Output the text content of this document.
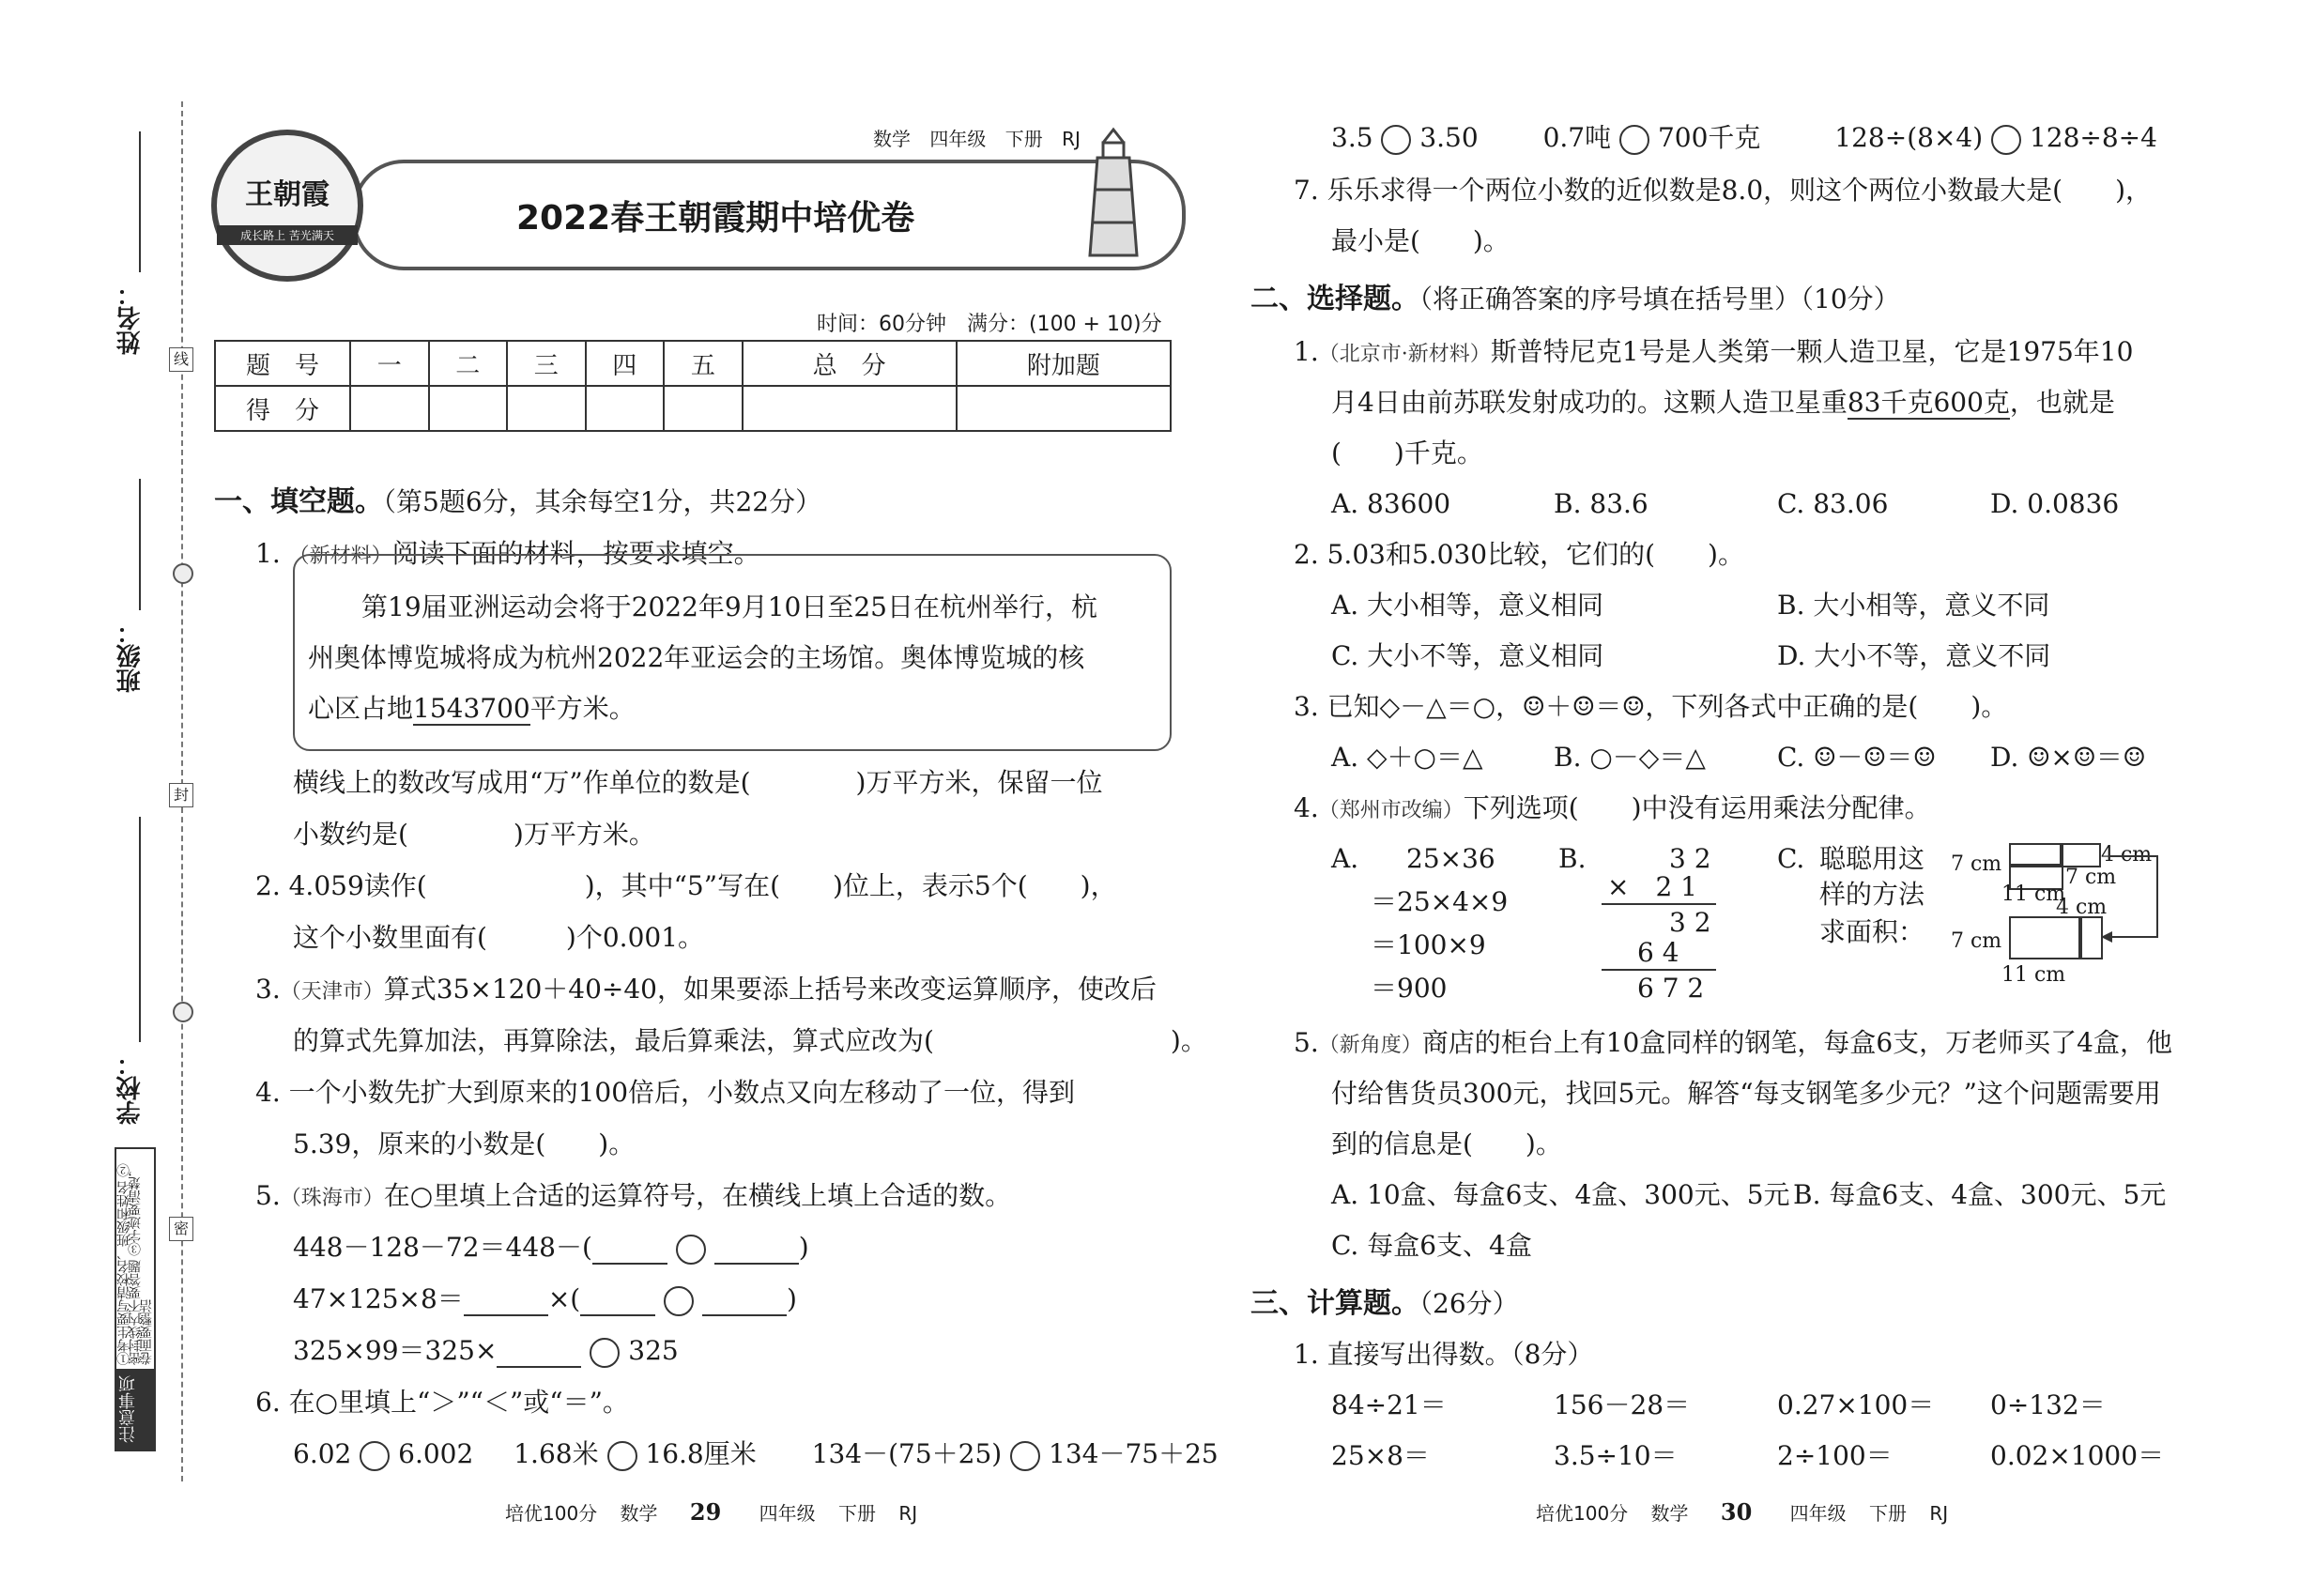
姓名：
班级：
学校：
线
封
密
①考生要写清校名、班级和姓名 ②密封线内不要答题 ③字迹要清楚，卷面要整洁
注意事项
数学 四年级 下册 RJ
2022春王朝霞期中培优卷
王朝霞
成长路上 苦光满天
时间：60分钟　满分：(100 + 10)分
题　号	一	二	三	四	五	总　分	附加题
得　分							
一、填空题。（第5题6分，其余每空1分，共22分）
1. （新材料）阅读下面的材料，按要求填空。
第19届亚洲运动会将于2022年9月10日至25日在杭州举行，杭
州奥体博览城将成为杭州2022年亚运会的主场馆。奥体博览城的核
心区占地1543700平方米。
横线上的数改写成用“万”作单位的数是(　　　　)万平方米，保留一位
小数约是(　　　　)万平方米。
2. 4.059读作(　　　　　　)，其中“5”写在(　　)位上，表示5个(　　)，
这个小数里面有(　　　)个0.001。
3.（天津市）算式35×120＋40÷40，如果要添上括号来改变运算顺序，使改后
的算式先算加法，再算除法，最后算乘法，算式应改为(　　　　　　　　　)。
4. 一个小数先扩大到原来的100倍后，小数点又向左移动了一位，得到
5.39，原来的小数是(　　)。
5.（珠海市）在○里填上合适的运算符号，在横线上填上合适的数。
448－128－72＝448－(	)
47×125×8＝	×(	)
325×99＝325×	325
6. 在○里填上“＞”“＜”或“＝”。
6.02 6.002 1.68米 16.8厘米 134－(75＋25) 134－75＋25
3.5 3.50 0.7吨 700千克	128÷(8×4) 128÷8÷4
7. 乐乐求得一个两位小数的近似数是8.0，则这个两位小数最大是(　　)，
最小是(　　)。
二、选择题。（将正确答案的序号填在括号里）（10分）
1.（北京市·新材料）斯普特尼克1号是人类第一颗人造卫星，它是1975年10
月4日由前苏联发射成功的。这颗人造卫星重83千克600克，也就是
(　　)千克。
A. 83600	B. 83.6	C. 83.06	D. 0.0836
2. 5.03和5.030比较，它们的(　　)。
A. 大小相等，意义相同	B. 大小相等，意义不同
C. 大小不等，意义相同	D. 大小不等，意义不同
3. 已知◇－△＝○，☺＋☺＝☺，下列各式中正确的是(　　)。
A. ◇＋○＝△	B. ○－◇＝△	C. ☺－☺＝☺ D. ☺×☺＝☺
4.（郑州市改编）下列选项(　　)中没有运用乘法分配律。
A. 25×36
＝25×4×9
＝100×9
＝900
B.	3 2
×　2 1
3 2
6 4
6 7 2
C. 聪聪用这
样的方法
求面积：
7 cm	4 cm
7 cm
11 cm
4 cm
7 cm
11 cm
5.（新角度）商店的柜台上有10盒同样的钢笔，每盒6支，万老师买了4盒，他
付给售货员300元，找回5元。解答“每支钢笔多少元？”这个问题需要用
到的信息是(　　)。
A. 10盒、每盒6支、4盒、300元、5元 B. 每盒6支、4盒、300元、5元
C. 每盒6支、4盒
三、计算题。（26分）
1. 直接写出得数。（8分）
84÷21＝	156－28＝	0.27×100＝ 0÷132＝
25×8＝	3.5÷10＝	2÷100＝	0.02×1000＝
培优100分 数学 29 四年级 下册 RJ	培优100分 数学 30 四年级 下册 RJ
